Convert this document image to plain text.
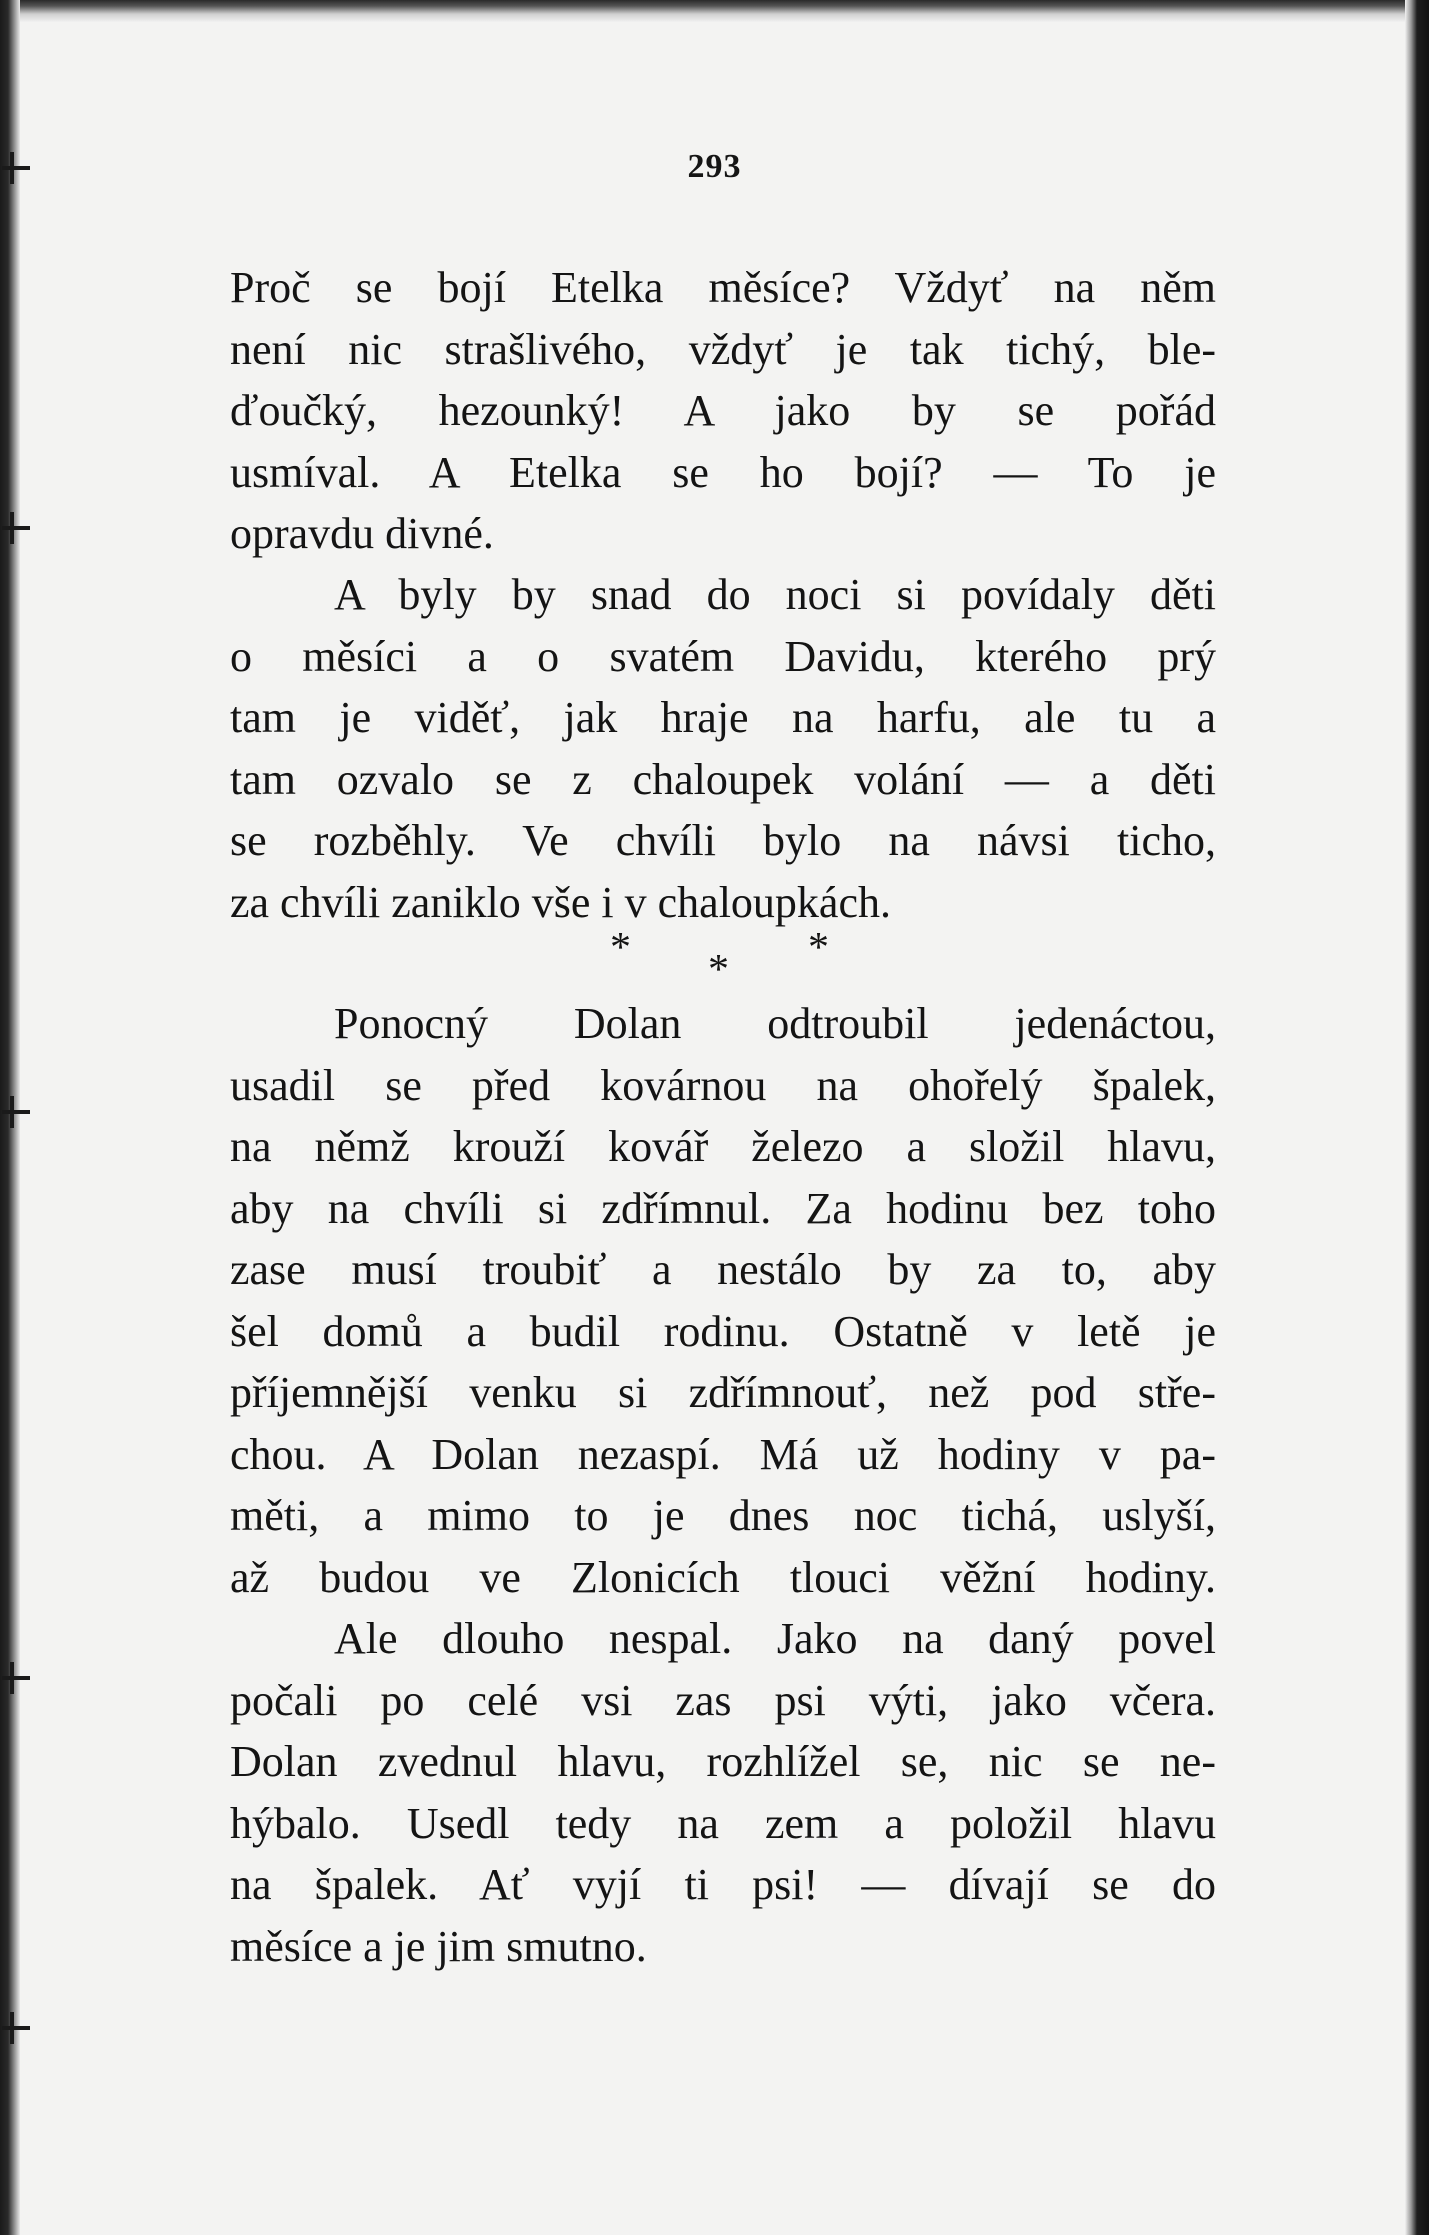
293
Proč se bojí Etelka měsíce? Vždyť na něm
není nic strašlivého, vždyť je tak tichý, ble-
ďoučký, hezounký! A jako by se pořád
usmíval. A Etelka se ho bojí? — To je
opravdu divné.
A byly by snad do noci si povídaly děti
o měsíci a o svatém Davidu, kterého prý
tam je viděť, jak hraje na harfu, ale tu a
tam ozvalo se z chaloupek volání — a děti
se rozběhly. Ve chvíli bylo na návsi ticho,
za chvíli zaniklo vše i v chaloupkách.
* * *
Ponocný Dolan odtroubil jedenáctou,
usadil se před kovárnou na ohořelý špalek,
na němž krouží kovář železo a složil hlavu,
aby na chvíli si zdřímnul. Za hodinu bez toho
zase musí troubiť a nestálo by za to, aby
šel domů a budil rodinu. Ostatně v letě je
příjemnější venku si zdřímnouť, než pod stře-
chou. A Dolan nezaspí. Má už hodiny v pa-
měti, a mimo to je dnes noc tichá, uslyší,
až budou ve Zlonicích tlouci věžní hodiny.
Ale dlouho nespal. Jako na daný povel
počali po celé vsi zas psi výti, jako včera.
Dolan zvednul hlavu, rozhlížel se, nic se ne-
hýbalo. Usedl tedy na zem a položil hlavu
na špalek. Ať vyjí ti psi! — dívají se do
měsíce a je jim smutno.
